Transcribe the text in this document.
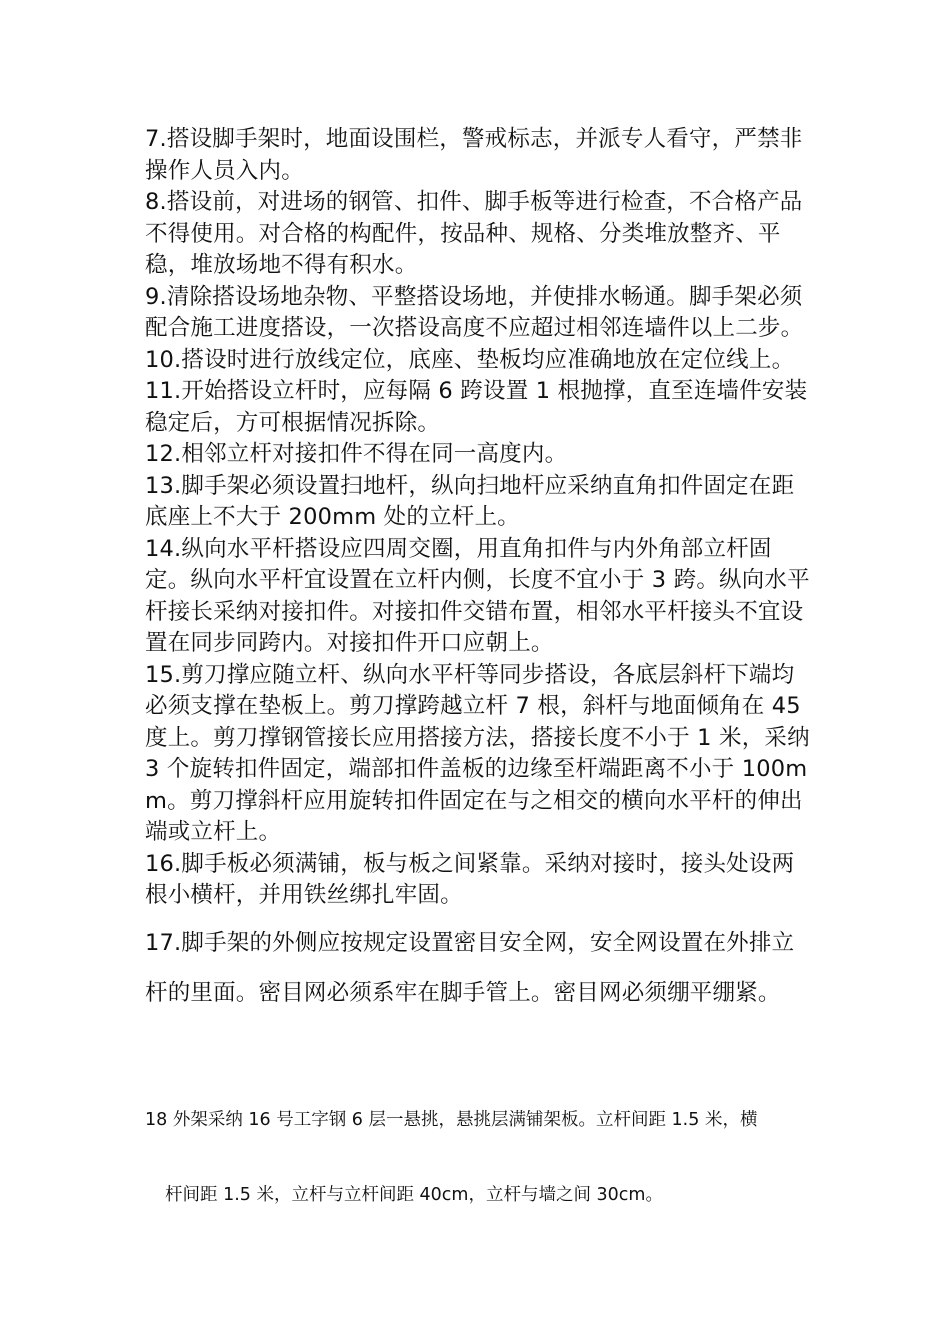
7.搭设脚手架时，地面设围栏，警戒标志，并派专人看守，严禁非操作人员入内。

8.搭设前，对进场的钢管、扣件、脚手板等进行检查，不合格产品不得使用。对合格的构配件，按品种、规格、分类堆放整齐、平稳，堆放场地不得有积水。

9.清除搭设场地杂物、平整搭设场地，并使排水畅通。脚手架必须配合施工进度搭设，一次搭设高度不应超过相邻连墙件以上二步。

10.搭设时进行放线定位，底座、垫板均应准确地放在定位线上。

11.开始搭设立杆时，应每隔 6 跨设置 1 根抛撑，直至连墙件安装稳定后，方可根据情况拆除。

12.相邻立杆对接扣件不得在同一高度内。

13.脚手架必须设置扫地杆，纵向扫地杆应采纳直角扣件固定在距底座上不大于 200mm 处的立杆上。

14.纵向水平杆搭设应四周交圈，用直角扣件与内外角部立杆固定。纵向水平杆宜设置在立杆内侧，长度不宜小于 3 跨。纵向水平杆接长采纳对接扣件。对接扣件交错布置，相邻水平杆接头不宜设置在同步同跨内。对接扣件开口应朝上。

15.剪刀撑应随立杆、纵向水平杆等同步搭设，各底层斜杆下端均必须支撑在垫板上。剪刀撑跨越立杆 7 根，斜杆与地面倾角在 45 度上。剪刀撑钢管接长应用搭接方法，搭接长度不小于 1 米，采纳 3 个旋转扣件固定，端部扣件盖板的边缘至杆端距离不小于 100mm。剪刀撑斜杆应用旋转扣件固定在与之相交的横向水平杆的伸出端或立杆上。

16.脚手板必须满铺，板与板之间紧靠。采纳对接时，接头处设两根小横杆，并用铁丝绑扎牢固。

17.脚手架的外侧应按规定设置密目安全网，安全网设置在外排立杆的里面。密目网必须系牢在脚手管上。密目网必须绷平绷紧。

18 外架采纳 16 号工字钢 6 层一悬挑，悬挑层满铺架板。立杆间距 1.5 米，横

杆间距 1.5 米，立杆与立杆间距 40cm，立杆与墙之间 30cm。
